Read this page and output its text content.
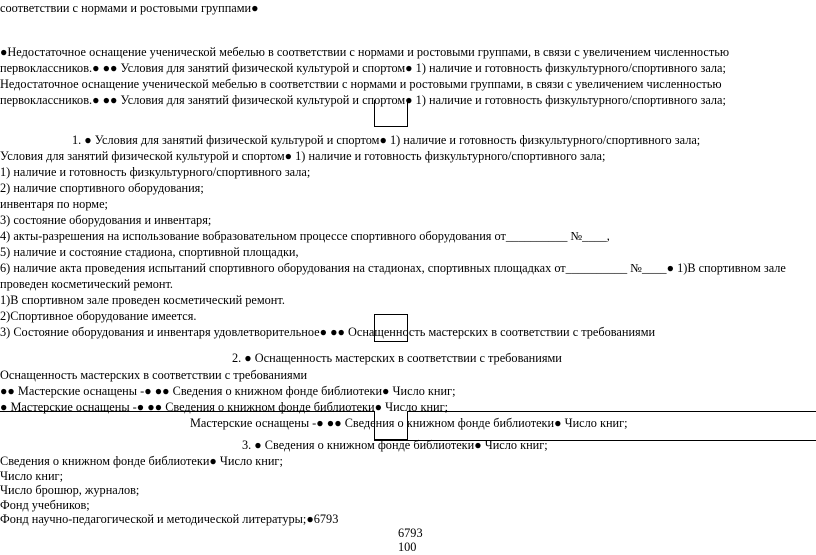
соответствии с нормами и ростовыми группами●
●Недостаточное оснащение ученической мебелью в соответствии с нормами и ростовыми группами, в связи с увеличением численностью
первоклассников.● ●● Условия для занятий физической культурой и спортом● 1) наличие и готовность физкультурного/спортивного зала;
Недостаточное оснащение ученической мебелью в соответствии с нормами и ростовыми группами, в связи с увеличением численностью
первоклассников.● ●● Условия для занятий физической культурой и спортом● 1) наличие и готовность физкультурного/спортивного зала;
1. ● Условия для занятий физической культурой и спортом● 1) наличие и готовность физкультурного/спортивного зала;
Условия для занятий физической культурой и спортом● 1) наличие и готовность физкультурного/спортивного зала;
1) наличие и готовность физкультурного/спортивного зала;
2) наличие спортивного оборудования;
инвентаря по норме;
3) состояние оборудования и инвентаря;
4) акты-разрешения на использование вобразовательном процессе спортивного оборудования от__________ №____,
5) наличие и состояние стадиона, спортивной площадки,
6) наличие акта проведения испытаний спортивного оборудования на стадионах, спортивных площадках от__________ №____● 1)В спортивном зале
проведен косметический ремонт.
1)В спортивном зале проведен косметический ремонт.
2)Спортивное оборудование имеется.
3) Состояние оборудования и инвентаря удовлетворительное● ●● Оснащенность мастерских в соответствии с требованиями
2. ● Оснащенность мастерских в соответствии с требованиями
Оснащенность мастерских в соответствии с требованиями
●● Мастерские оснащены -● ●● Сведения о книжном фонде библиотеки● Число книг;
● Мастерские оснащены -● ●● Сведения о книжном фонде библиотеки● Число книг;
Мастерские оснащены -● ●● Сведения о книжном фонде библиотеки● Число книг;
3. ● Сведения о книжном фонде библиотеки● Число книг;
Сведения о книжном фонде библиотеки● Число книг;
Число книг;
Число брошюр, журналов;
Фонд учебников;
Фонд научно-педагогической и методической литературы;●6793
6793
100
